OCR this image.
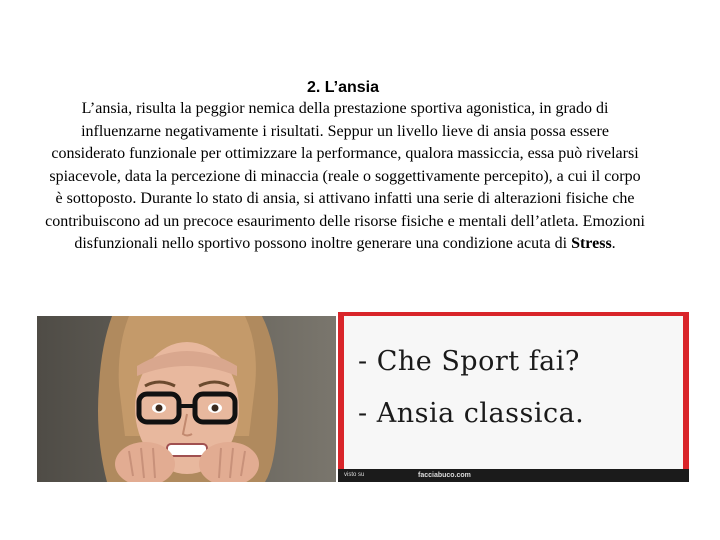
2. L’ansia
L’ansia, risulta la peggior nemica della prestazione sportiva agonistica, in grado di influenzarne negativamente i risultati. Seppur un livello lieve di ansia possa essere considerato funzionale per ottimizzare la performance, qualora massiccia, essa può rivelarsi spiacevole, data la percezione di minaccia (reale o soggettivamente percepito), a cui il corpo è sottoposto. Durante lo stato di ansia, si attivano infatti una serie di alterazioni fisiche che contribuiscono ad un precoce esaurimento delle risorse fisiche e mentali dell’atleta. Emozioni disfunzionali nello sportivo possono inoltre generare una condizione acuta di Stress.
- Che Sport fai?
- Ansia classica.
visto su	facciabuco.com
